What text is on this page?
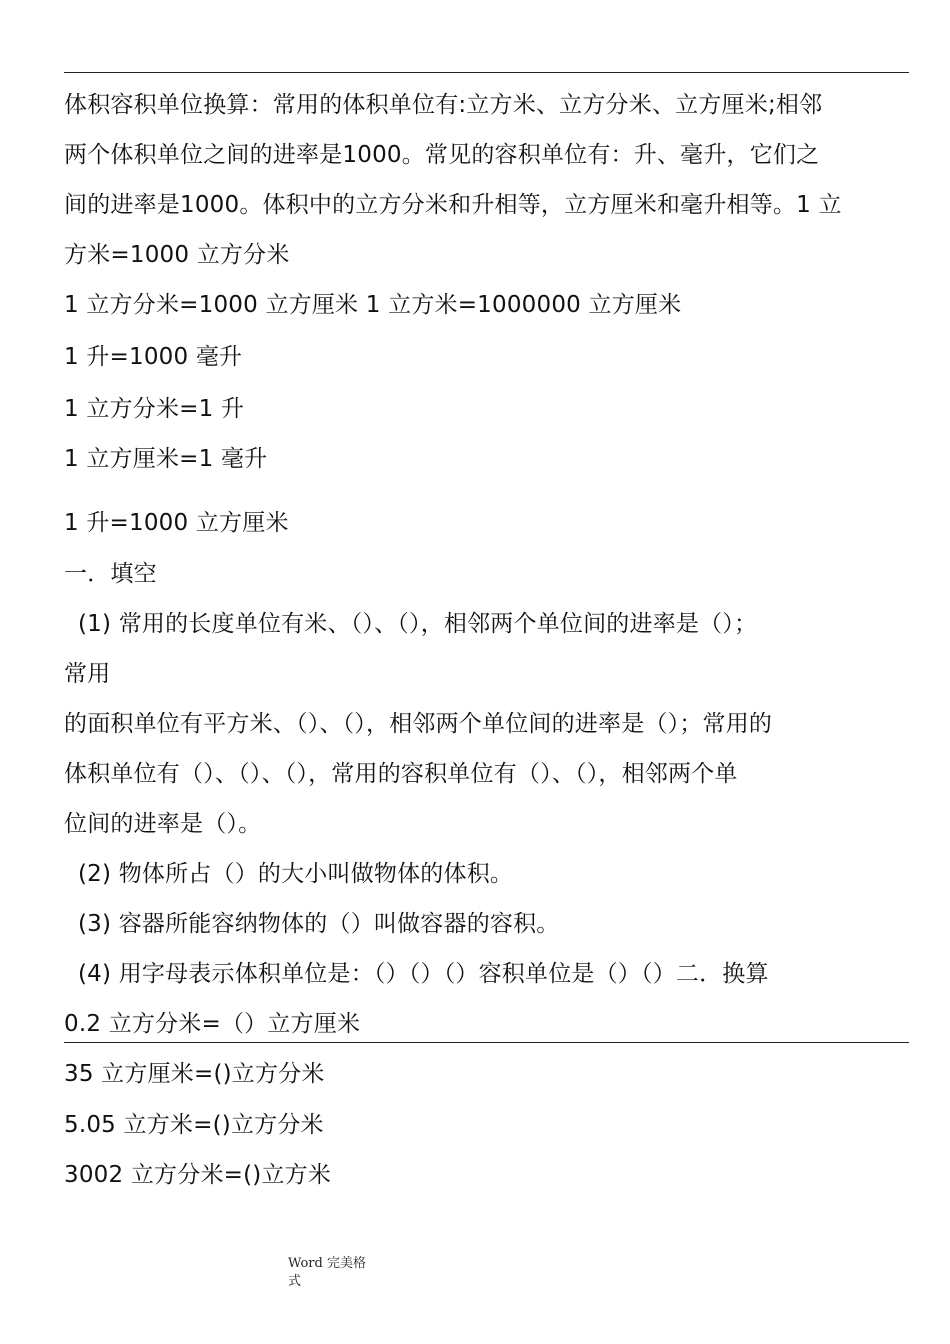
体积容积单位换算：常用的体积单位有:立方米、立方分米、立方厘米;相邻
两个体积单位之间的进率是1000。常见的容积单位有：升、毫升，它们之
间的进率是1000。体积中的立方分米和升相等，立方厘米和毫升相等。1 立
方米=1000 立方分米
1 立方分米=1000 立方厘米 1 立方米=1000000 立方厘米
1 升=1000 毫升
1 立方分米=1 升
1 立方厘米=1 毫升
1 升=1000 立方厘米
一．填空
(1) 常用的长度单位有米、（）、（），相邻两个单位间的进率是（）；
常用
的面积单位有平方米、（）、（），相邻两个单位间的进率是（）；常用的
体积单位有（）、（）、（），常用的容积单位有（）、（），相邻两个单
位间的进率是（）。
(2) 物体所占（）的大小叫做物体的体积。
(3) 容器所能容纳物体的（）叫做容器的容积。
(4) 用字母表示体积单位是：（）（）（）容积单位是（）（）二．换算
0.2 立方分米=（）立方厘米
35 立方厘米=()立方分米
5.05 立方米=()立方分米
3002 立方分米=()立方米
Word 完美格
式
